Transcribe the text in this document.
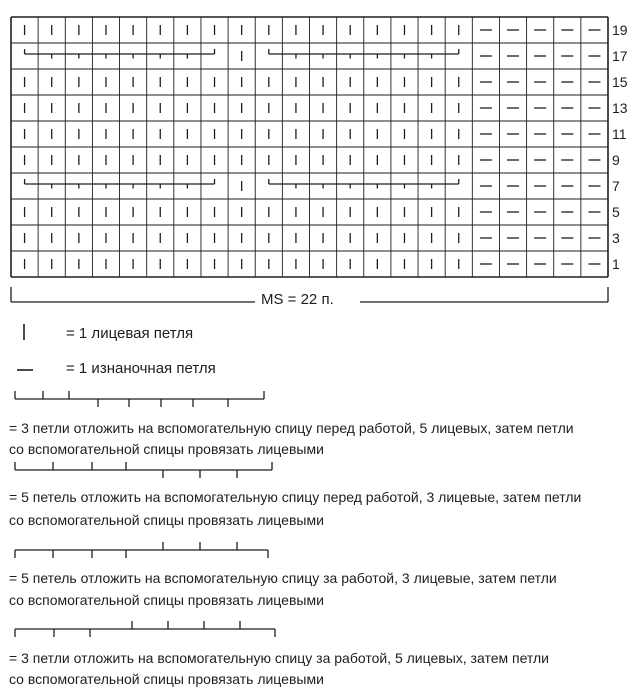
19
17
15
13
11
9
7
5
3
1
MS = 22 п.
= 1 лицевая петля
= 1 изнаночная петля
= 3 петли отложить на вспомогательную спицу перед работой, 5 лицевых, затем петли
со вспомогательной спицы провязать лицевыми
= 5 петель отложить на вспомогательную спицу перед работой, 3 лицевые, затем петли
со вспомогательной спицы провязать лицевыми
= 5 петель отложить на вспомогательную спицу за работой, 3 лицевые, затем петли
со вспомогательной спицы провязать лицевыми
= 3 петли отложить на вспомогательную спицу за работой, 5 лицевых, затем петли
со вспомогательной спицы провязать лицевыми
